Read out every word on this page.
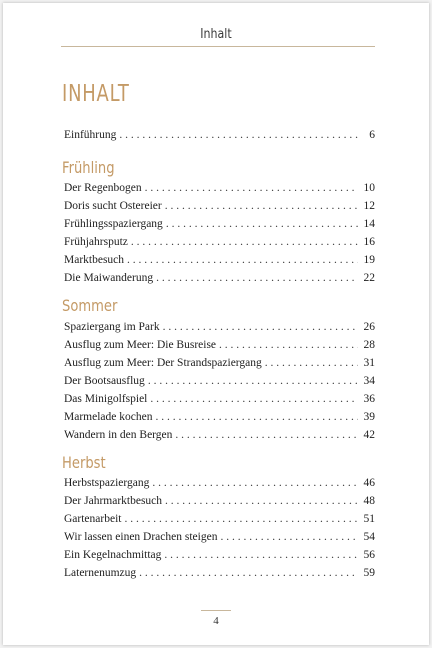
Inhalt
INHALT
Einführung . . .	6
Frühling
Der Regenbogen . . .	10
Doris sucht Ostereier . . .	12
Frühlingsspaziergang . . .	14
Frühjahrsputz . . .	16
Marktbesuch . . .	19
Die Maiwanderung . . .	22
Sommer
Spaziergang im Park . . .	26
Ausflug zum Meer: Die Busreise . . .	28
Ausflug zum Meer: Der Strandspaziergang . . .	31
Der Bootsausflug . . .	34
Das Minigolfspiel . . .	36
Marmelade kochen . . .	39
Wandern in den Bergen . . .	42
Herbst
Herbstspaziergang . . .	46
Der Jahrmarktbesuch . . .	48
Gartenarbeit . . .	51
Wir lassen einen Drachen steigen . . .	54
Ein Kegelnachmittag . . .	56
Laternenumzug . . .	59
4
